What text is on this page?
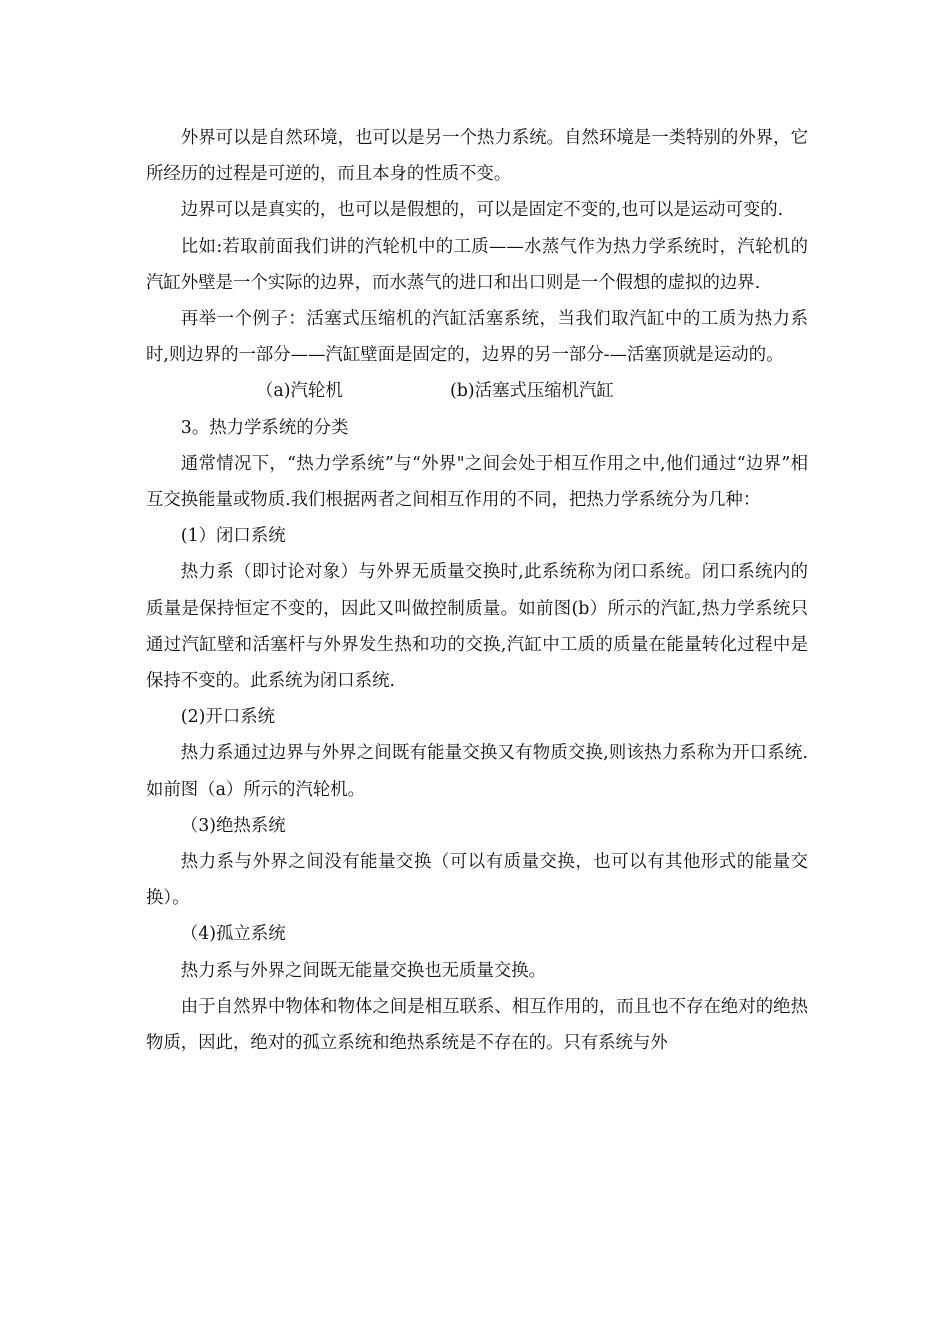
外界可以是自然环境，也可以是另一个热力系统。自然环境是一类特别的外界，它所经历的过程是可逆的，而且本身的性质不变。

边界可以是真实的，也可以是假想的，可以是固定不变的,也可以是运动可变的.

比如:若取前面我们讲的汽轮机中的工质——水蒸气作为热力学系统时，汽轮机的汽缸外壁是一个实际的边界，而水蒸气的进口和出口则是一个假想的虚拟的边界.

再举一个例子：活塞式压缩机的汽缸活塞系统，当我们取汽缸中的工质为热力系时,则边界的一部分——汽缸壁面是固定的，边界的另一部分-—活塞顶就是运动的。

（a)汽轮机	(b)活塞式压缩机汽缸

3。热力学系统的分类

通常情况下，“热力学系统”与“外界"之间会处于相互作用之中,他们通过“边界”相互交换能量或物质.我们根据两者之间相互作用的不同，把热力学系统分为几种：

(1）闭口系统

热力系（即讨论对象）与外界无质量交换时,此系统称为闭口系统。闭口系统内的质量是保持恒定不变的，因此又叫做控制质量。如前图(b）所示的汽缸,热力学系统只通过汽缸壁和活塞杆与外界发生热和功的交换,汽缸中工质的质量在能量转化过程中是保持不变的。此系统为闭口系统.

(2)开口系统

热力系通过边界与外界之间既有能量交换又有物质交换,则该热力系称为开口系统.如前图（a）所示的汽轮机。

（3)绝热系统

热力系与外界之间没有能量交换（可以有质量交换，也可以有其他形式的能量交换）。

（4)孤立系统

热力系与外界之间既无能量交换也无质量交换。

由于自然界中物体和物体之间是相互联系、相互作用的，而且也不存在绝对的绝热物质，因此，绝对的孤立系统和绝热系统是不存在的。只有系统与外
